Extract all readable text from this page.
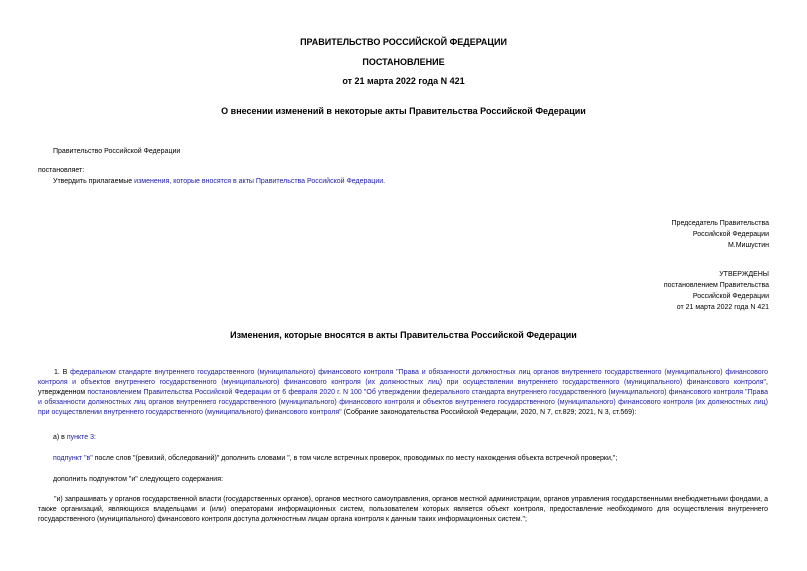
ПРАВИТЕЛЬСТВО РОССИЙСКОЙ ФЕДЕРАЦИИ
ПОСТАНОВЛЕНИЕ
от 21 марта 2022 года N 421
О внесении изменений в некоторые акты Правительства Российской Федерации
Правительство Российской Федерации
постановляет:
Утвердить прилагаемые изменения, которые вносятся в акты Правительства Российской Федерации.
Председатель Правительства
Российской Федерации
М.Мишустин
УТВЕРЖДЕНЫ
постановлением Правительства
Российской Федерации
от 21 марта 2022 года N 421
Изменения, которые вносятся в акты Правительства Российской Федерации
1. В федеральном стандарте внутреннего государственного (муниципального) финансового контроля "Права и обязанности должностных лиц органов внутреннего государственного (муниципального) финансового контроля и объектов внутреннего государственного (муниципального) финансового контроля (их должностных лиц) при осуществлении внутреннего государственного (муниципального) финансового контроля", утвержденном постановлением Правительства Российской Федерации от 6 февраля 2020 г. N 100 "Об утверждении федерального стандарта внутреннего государственного (муниципального) финансового контроля "Права и обязанности должностных лиц органов внутреннего государственного (муниципального) финансового контроля и объектов внутреннего государственного (муниципального) финансового контроля (их должностных лиц) при осуществлении внутреннего государственного (муниципального) финансового контроля" (Собрание законодательства Российской Федерации, 2020, N 7, ст.829; 2021, N 3, ст.569):
а) в пункте 3:
подпункт "в" после слов "(ревизий, обследований)" дополнить словами ", в том числе встречных проверок, проводимых по месту нахождения объекта встречной проверки,";
дополнить подпунктом "и" следующего содержания:
"и) запрашивать у органов государственной власти (государственных органов), органов местного самоуправления, органов местной администрации, органов управления государственными внебюджетными фондами, а также организаций, являющихся владельцами и (или) операторами информационных систем, пользователем которых является объект контроля, предоставление необходимого для осуществления внутреннего государственного (муниципального) финансового контроля доступа должностным лицам органа контроля к данным таких информационных систем.";
